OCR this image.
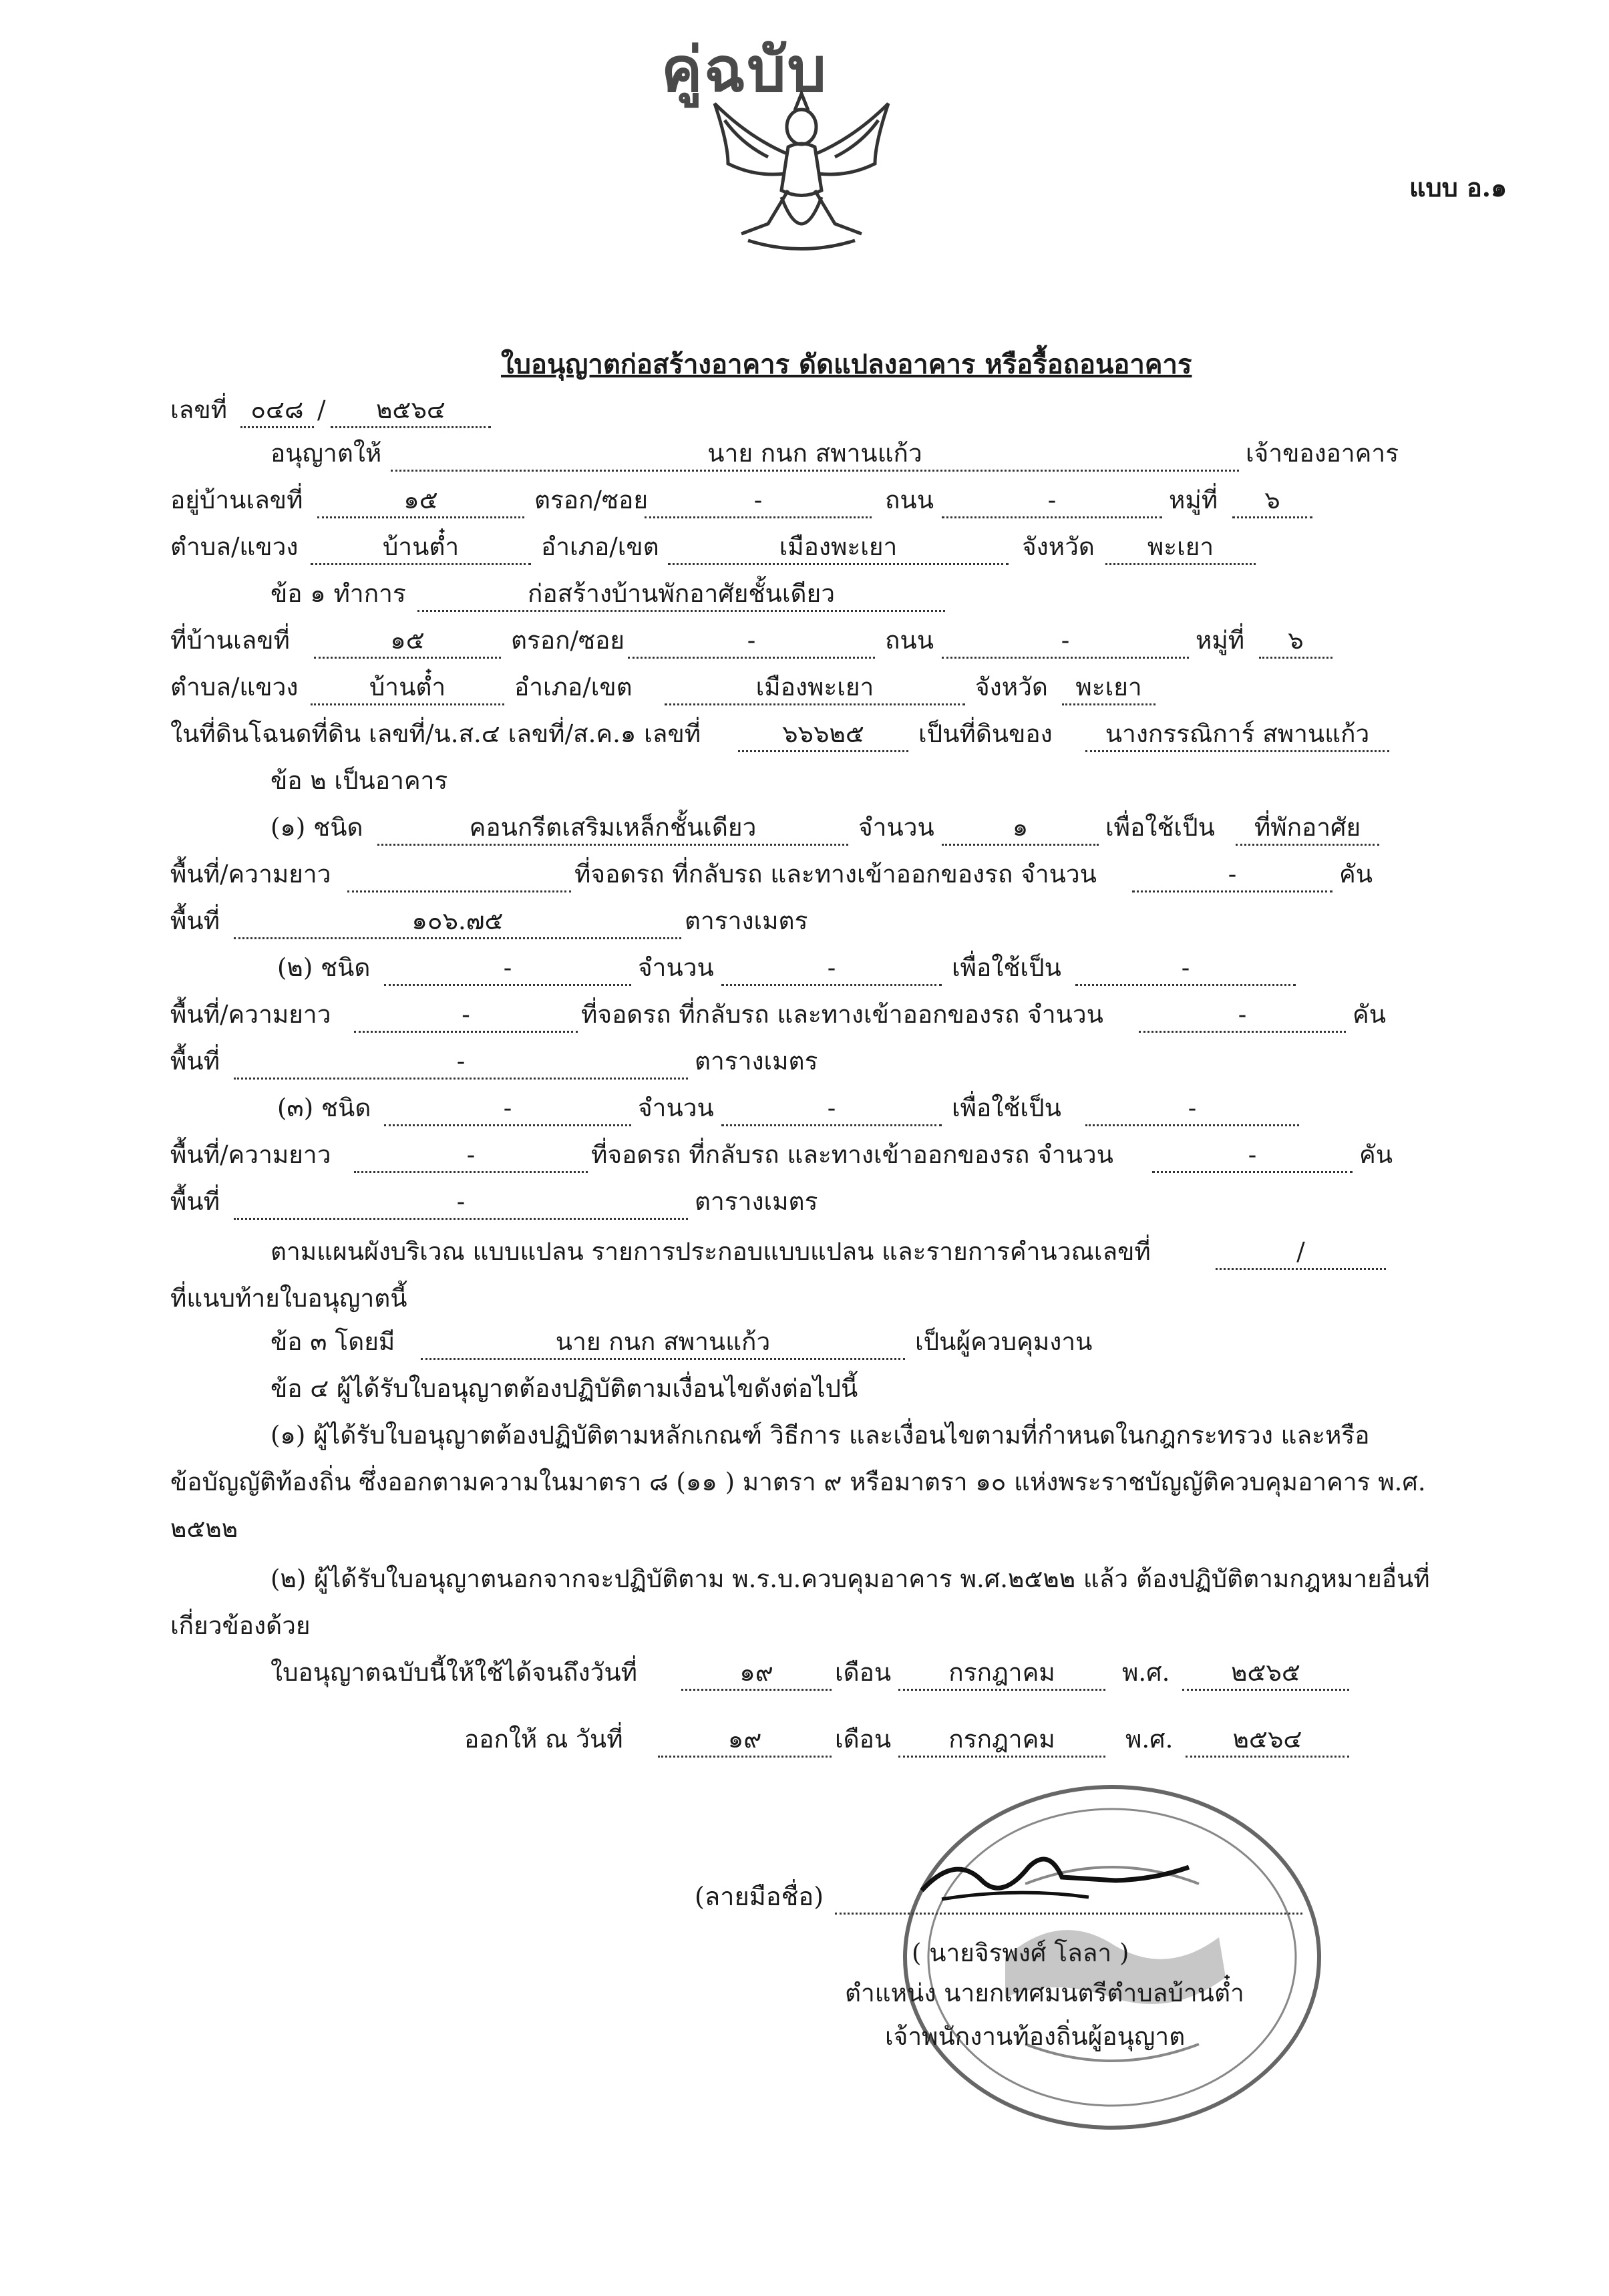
คู่ฉบับ
แบบ อ.๑
ใบอนุญาตก่อสร้างอาคาร ดัดแปลงอาคาร หรือรื้อถอนอาคาร
เลขที่ ๐๔๘ /	๒๕๖๔
อนุญาตให้	นาย กนก สพานแก้ว	เจ้าของอาคาร
อยู่บ้านเลขที่	๑๕	ตรอก/ซอย	-	ถนน	-	หมู่ที่	๖
ตำบล/แขวง	บ้านต๋ำ	อำเภอ/เขต	เมืองพะเยา	จังหวัด	พะเยา
ข้อ ๑ ทำการ	ก่อสร้างบ้านพักอาศัยชั้นเดียว
ที่บ้านเลขที่	๑๕	ตรอก/ซอย	-	ถนน	-	หมู่ที่	๖
ตำบล/แขวง	บ้านต๋ำ	อำเภอ/เขต	เมืองพะเยา	จังหวัด	พะเยา
ในที่ดินโฉนดที่ดิน เลขที่/น.ส.๔ เลขที่/ส.ค.๑ เลขที่	๖๖๖๒๕	เป็นที่ดินของ	นางกรรณิการ์ สพานแก้ว
ข้อ ๒ เป็นอาคาร
(๑) ชนิด	คอนกรีตเสริมเหล็กชั้นเดียว	จำนวน	๑	เพื่อใช้เป็น	ที่พักอาศัย
พื้นที่/ความยาว	ที่จอดรถ ที่กลับรถ และทางเข้าออกของรถ จำนวน	-	คัน
พื้นที่	๑๐๖.๗๕	ตารางเมตร
(๒) ชนิด	-	จำนวน	-	เพื่อใช้เป็น	-
พื้นที่/ความยาว	-	ที่จอดรถ ที่กลับรถ และทางเข้าออกของรถ จำนวน	-	คัน
พื้นที่	-	ตารางเมตร
(๓) ชนิด	-	จำนวน	-	เพื่อใช้เป็น	-
พื้นที่/ความยาว	-	ที่จอดรถ ที่กลับรถ และทางเข้าออกของรถ จำนวน	-	คัน
พื้นที่	-	ตารางเมตร
ตามแผนผังบริเวณ แบบแปลน รายการประกอบแบบแปลน และรายการคำนวณเลขที่	/
ที่แนบท้ายใบอนุญาตนี้
ข้อ ๓ โดยมี	นาย กนก สพานแก้ว	เป็นผู้ควบคุมงาน
ข้อ ๔ ผู้ได้รับใบอนุญาตต้องปฏิบัติตามเงื่อนไขดังต่อไปนี้
(๑) ผู้ได้รับใบอนุญาตต้องปฏิบัติตามหลักเกณฑ์ วิธีการ และเงื่อนไขตามที่กำหนดในกฎกระทรวง และหรือ
ข้อบัญญัติท้องถิ่น ซึ่งออกตามความในมาตรา ๘ (๑๑ ) มาตรา ๙ หรือมาตรา ๑๐ แห่งพระราชบัญญัติควบคุมอาคาร พ.ศ.
๒๕๒๒
(๒) ผู้ได้รับใบอนุญาตนอกจากจะปฏิบัติตาม พ.ร.บ.ควบคุมอาคาร พ.ศ.๒๕๒๒ แล้ว ต้องปฏิบัติตามกฎหมายอื่นที่
เกี่ยวข้องด้วย
ใบอนุญาตฉบับนี้ให้ใช้ได้จนถึงวันที่	๑๙	เดือน	กรกฎาคม	พ.ศ.	๒๕๖๕
ออกให้ ณ วันที่	๑๙	เดือน	กรกฎาคม	พ.ศ.	๒๕๖๔
(ลายมือชื่อ)
( นายจิรพงศ์ โลลา )
ตำแหน่ง นายกเทศมนตรีตำบลบ้านต๋ำ
เจ้าพนักงานท้องถิ่นผู้อนุญาต
